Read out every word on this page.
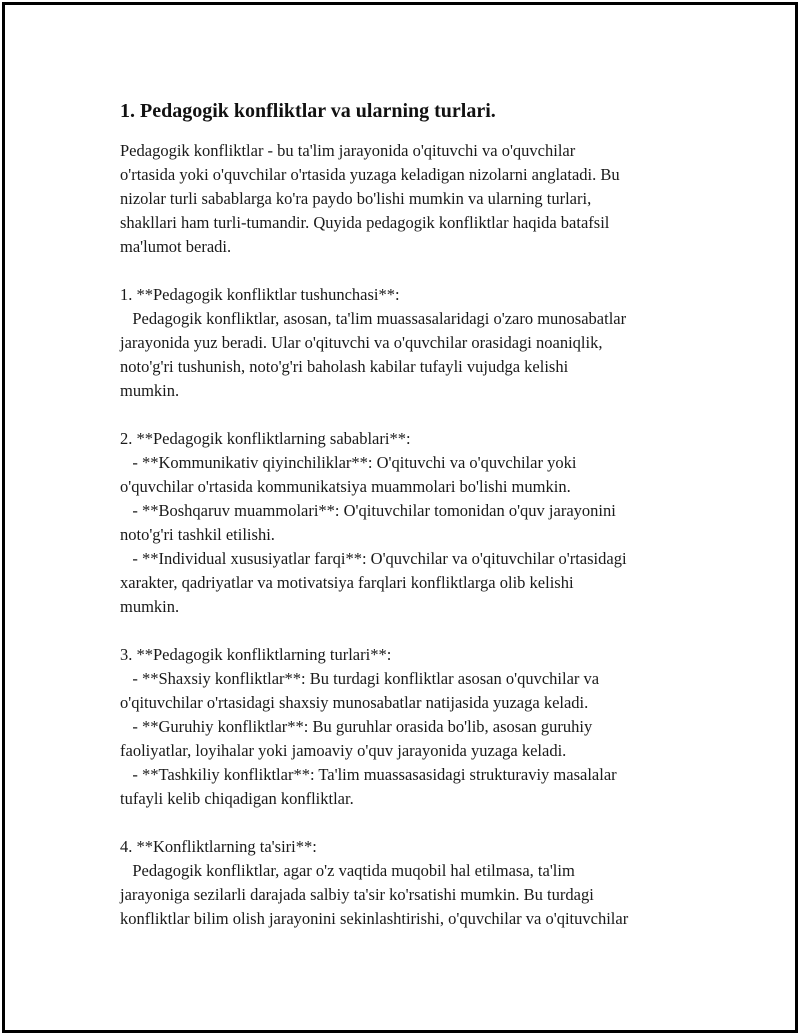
1. Pedagogik konfliktlar va ularning turlari.

Pedagogik konfliktlar - bu ta'lim jarayonida o'qituvchi va o'quvchilar
o'rtasida yoki o'quvchilar o'rtasida yuzaga keladigan nizolarni anglatadi. Bu
nizolar turli sabablarga ko'ra paydo bo'lishi mumkin va ularning turlari,
shakllari ham turli-tumandir. Quyida pedagogik konfliktlar haqida batafsil
ma'lumot beradi.

1. **Pedagogik konfliktlar tushunchasi**:
Pedagogik konfliktlar, asosan, ta'lim muassasalaridagi o'zaro munosabatlar
jarayonida yuz beradi. Ular o'qituvchi va o'quvchilar orasidagi noaniqlik,
noto'g'ri tushunish, noto'g'ri baholash kabilar tufayli vujudga kelishi
mumkin.

2. **Pedagogik konfliktlarning sabablari**:
- **Kommunikativ qiyinchiliklar**: O'qituvchi va o'quvchilar yoki
o'quvchilar o'rtasida kommunikatsiya muammolari bo'lishi mumkin.
- **Boshqaruv muammolari**: O'qituvchilar tomonidan o'quv jarayonini
noto'g'ri tashkil etilishi.
- **Individual xususiyatlar farqi**: O'quvchilar va o'qituvchilar o'rtasidagi
xarakter, qadriyatlar va motivatsiya farqlari konfliktlarga olib kelishi
mumkin.

3. **Pedagogik konfliktlarning turlari**:
- **Shaxsiy konfliktlar**: Bu turdagi konfliktlar asosan o'quvchilar va
o'qituvchilar o'rtasidagi shaxsiy munosabatlar natijasida yuzaga keladi.
- **Guruhiy konfliktlar**: Bu guruhlar orasida bo'lib, asosan guruhiy
faoliyatlar, loyihalar yoki jamoaviy o'quv jarayonida yuzaga keladi.
- **Tashkiliy konfliktlar**: Ta'lim muassasasidagi strukturaviy masalalar
tufayli kelib chiqadigan konfliktlar.

4. **Konfliktlarning ta'siri**:
Pedagogik konfliktlar, agar o'z vaqtida muqobil hal etilmasa, ta'lim
jarayoniga sezilarli darajada salbiy ta'sir ko'rsatishi mumkin. Bu turdagi
konfliktlar bilim olish jarayonini sekinlashtirishi, o'quvchilar va o'qituvchilar
